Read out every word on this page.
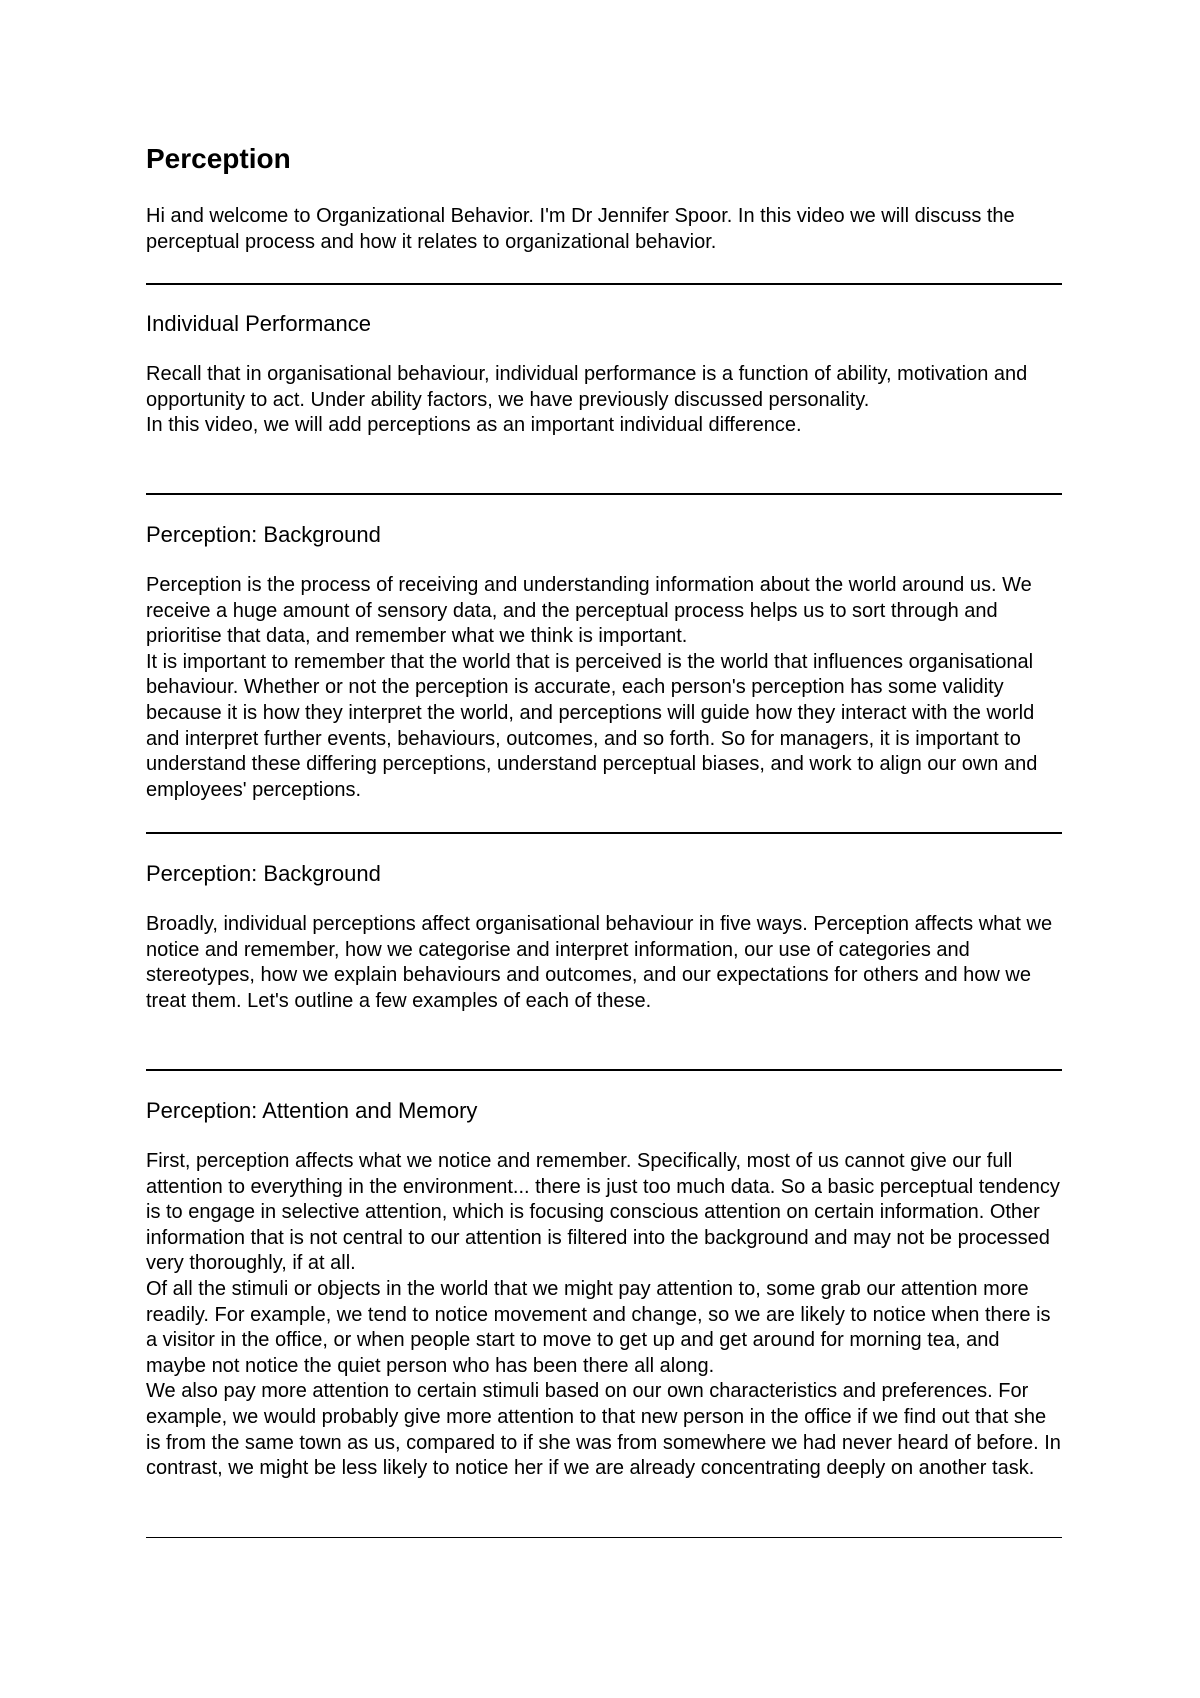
Perception

Hi and welcome to Organizational Behavior. I'm Dr Jennifer Spoor. In this video we will discuss the perceptual process and how it relates to organizational behavior.

Individual Performance

Recall that in organisational behaviour, individual performance is a function of ability, motivation and opportunity to act. Under ability factors, we have previously discussed personality.

In this video, we will add perceptions as an important individual difference.

Perception: Background

Perception is the process of receiving and understanding information about the world around us. We receive a huge amount of sensory data, and the perceptual process helps us to sort through and prioritise that data, and remember what we think is important.

It is important to remember that the world that is perceived is the world that influences organisational behaviour. Whether or not the perception is accurate, each person's perception has some validity because it is how they interpret the world, and perceptions will guide how they interact with the world and interpret further events, behaviours, outcomes, and so forth. So for managers, it is important to understand these differing perceptions, understand perceptual biases, and work to align our own and employees' perceptions.

Perception: Background

Broadly, individual perceptions affect organisational behaviour in five ways. Perception affects what we notice and remember, how we categorise and interpret information, our use of categories and stereotypes, how we explain behaviours and outcomes, and our expectations for others and how we treat them. Let's outline a few examples of each of these.

Perception: Attention and Memory

First, perception affects what we notice and remember. Specifically, most of us cannot give our full attention to everything in the environment... there is just too much data. So a basic perceptual tendency is to engage in selective attention, which is focusing conscious attention on certain information. Other information that is not central to our attention is filtered into the background and may not be processed very thoroughly, if at all.

Of all the stimuli or objects in the world that we might pay attention to, some grab our attention more readily. For example, we tend to notice movement and change, so we are likely to notice when there is a visitor in the office, or when people start to move to get up and get around for morning tea, and maybe not notice the quiet person who has been there all along.

We also pay more attention to certain stimuli based on our own characteristics and preferences. For example, we would probably give more attention to that new person in the office if we find out that she is from the same town as us, compared to if she was from somewhere we had never heard of before. In contrast, we might be less likely to notice her if we are already concentrating deeply on another task.
